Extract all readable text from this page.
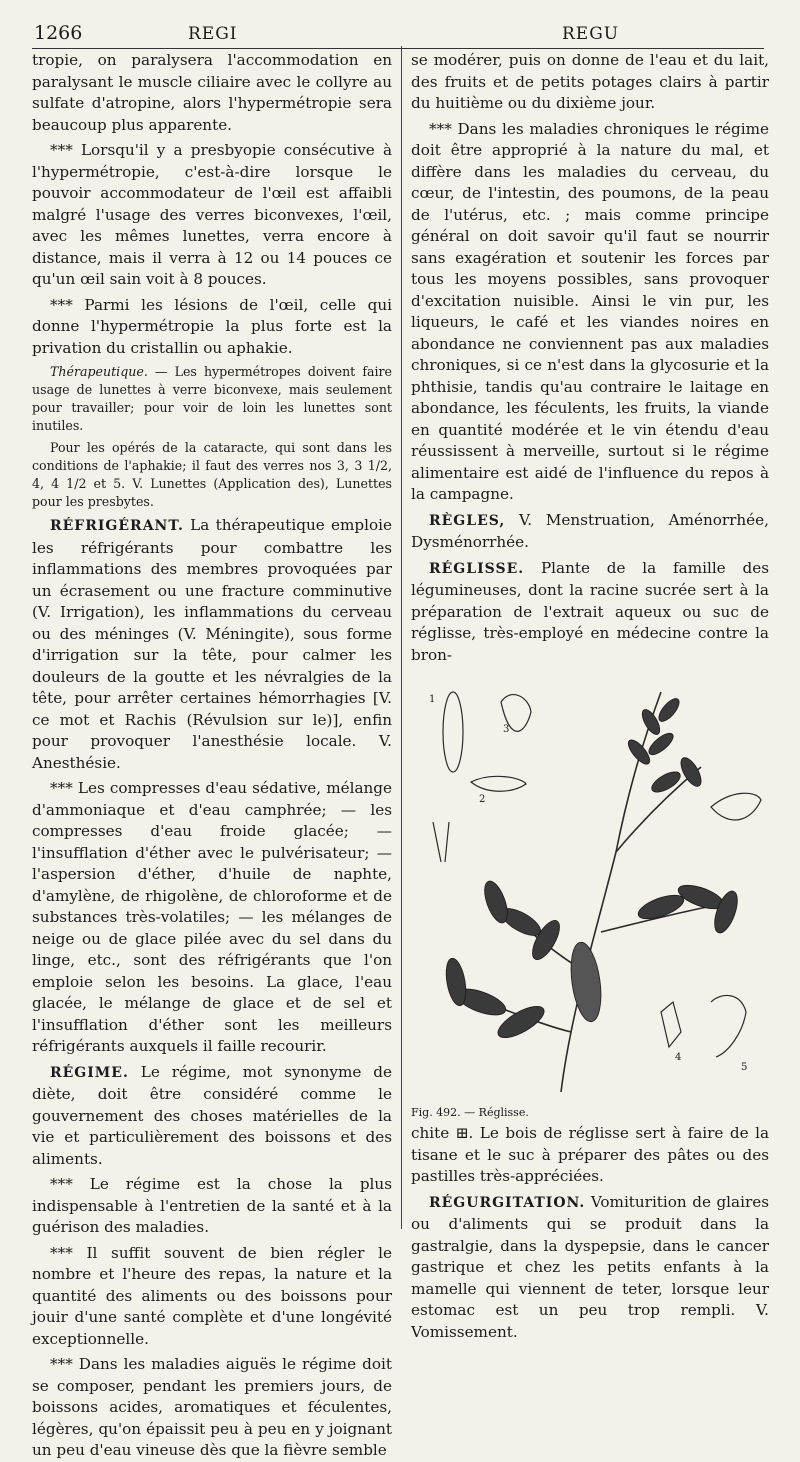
1266	REGI	REGU

tropie, on paralysera l'accommodation en paralysant le muscle ciliaire avec le collyre au sulfate d'atropine, alors l'hypermétropie sera beaucoup plus apparente.

*** Lorsqu'il y a presbyopie consécutive à l'hypermétropie, c'est-à-dire lorsque le pouvoir accommodateur de l'œil est affaibli malgré l'usage des verres biconvexes, l'œil, avec les mêmes lunettes, verra encore à distance, mais il verra à 12 ou 14 pouces ce qu'un œil sain voit à 8 pouces.

*** Parmi les lésions de l'œil, celle qui donne l'hypermétropie la plus forte est la privation du cristallin ou aphakie.

Thérapeutique. — Les hypermétropes doivent faire usage de lunettes à verre biconvexe, mais seulement pour travailler; pour voir de loin les lunettes sont inutiles.

Pour les opérés de la cataracte, qui sont dans les conditions de l'aphakie; il faut des verres nos 3, 3 1/2, 4, 4 1/2 et 5. V. Lunettes (Application des), Lunettes pour les presbytes.

RÉFRIGÉRANT. La thérapeutique emploie les réfrigérants pour combattre les inflammations des membres provoquées par un écrasement ou une fracture comminutive (V. Irrigation), les inflammations du cerveau ou des méninges (V. Méningite), sous forme d'irrigation sur la tête, pour calmer les douleurs de la goutte et les névralgies de la tête, pour arrêter certaines hémorrhagies [V. ce mot et Rachis (Révulsion sur le)], enfin pour provoquer l'anesthésie locale. V. Anesthésie.

*** Les compresses d'eau sédative, mélange d'ammoniaque et d'eau camphrée; — les compresses d'eau froide glacée; — l'insufflation d'éther avec le pulvérisateur; — l'aspersion d'éther, d'huile de naphte, d'amylène, de rhigolène, de chloroforme et de substances très-volatiles; — les mélanges de neige ou de glace pilée avec du sel dans du linge, etc., sont des réfrigérants que l'on emploie selon les besoins. La glace, l'eau glacée, le mélange de glace et de sel et l'insufflation d'éther sont les meilleurs réfrigérants auxquels il faille recourir.

RÉGIME. Le régime, mot synonyme de diète, doit être considéré comme le gouvernement des choses matérielles de la vie et particulièrement des boissons et des aliments.

*** Le régime est la chose la plus indispensable à l'entretien de la santé et à la guérison des maladies.

*** Il suffit souvent de bien régler le nombre et l'heure des repas, la nature et la quantité des aliments ou des boissons pour jouir d'une santé complète et d'une longévité exceptionnelle.

*** Dans les maladies aiguës le régime doit se composer, pendant les premiers jours, de boissons acides, aromatiques et féculentes, légères, qu'on épaissit peu à peu en y joignant un peu d'eau vineuse dès que la fièvre semble

se modérer, puis on donne de l'eau et du lait, des fruits et de petits potages clairs à partir du huitième ou du dixième jour.

*** Dans les maladies chroniques le régime doit être approprié à la nature du mal, et diffère dans les maladies du cerveau, du cœur, de l'intestin, des poumons, de la peau de l'utérus, etc. ; mais comme principe général on doit savoir qu'il faut se nourrir sans exagération et soutenir les forces par tous les moyens possibles, sans provoquer d'excitation nuisible. Ainsi le vin pur, les liqueurs, le café et les viandes noires en abondance ne conviennent pas aux maladies chroniques, si ce n'est dans la glycosurie et la phthisie, tandis qu'au contraire le laitage en abondance, les féculents, les fruits, la viande en quantité modérée et le vin étendu d'eau réussissent à merveille, surtout si le régime alimentaire est aidé de l'influence du repos à la campagne.

RÈGLES, V. Menstruation, Aménorrhée, Dysménorrhée.

RÉGLISSE. Plante de la famille des légumineuses, dont la racine sucrée sert à la préparation de l'extrait aqueux ou suc de réglisse, très-employé en médecine contre la bron-

1
2
3
4
5

Fig. 492. — Réglisse.

chite ⊞. Le bois de réglisse sert à faire de la tisane et le suc à préparer des pâtes ou des pastilles très-appréciées.

RÉGURGITATION. Vomiturition de glaires ou d'aliments qui se produit dans la gastralgie, dans la dyspepsie, dans le cancer gastrique et chez les petits enfants à la mamelle qui viennent de teter, lorsque leur estomac est un peu trop rempli. V. Vomissement.
